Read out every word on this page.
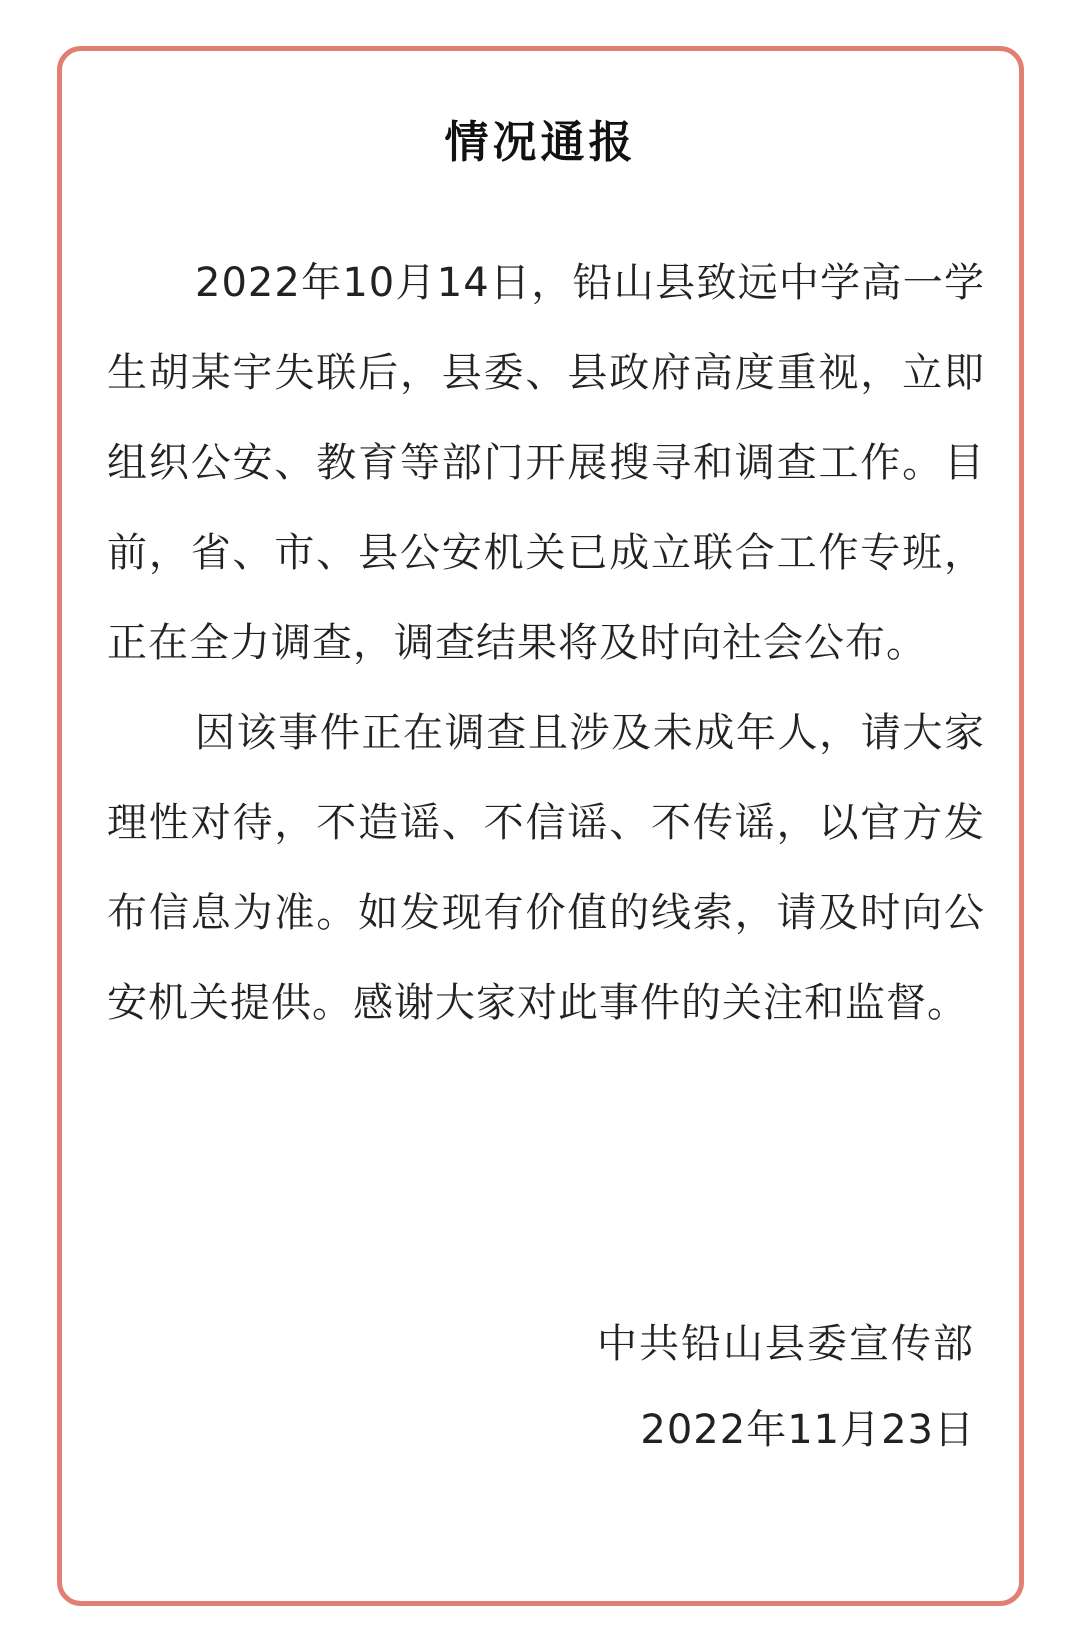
情况通报

2022年10月14日，铅山县致远中学高一学生胡某宇失联后，县委、县政府高度重视，立即组织公安、教育等部门开展搜寻和调查工作。目前，省、市、县公安机关已成立联合工作专班，正在全力调查，调查结果将及时向社会公布。

因该事件正在调查且涉及未成年人，请大家理性对待，不造谣、不信谣、不传谣，以官方发布信息为准。如发现有价值的线索，请及时向公安机关提供。感谢大家对此事件的关注和监督。

中共铅山县委宣传部
2022年11月23日
